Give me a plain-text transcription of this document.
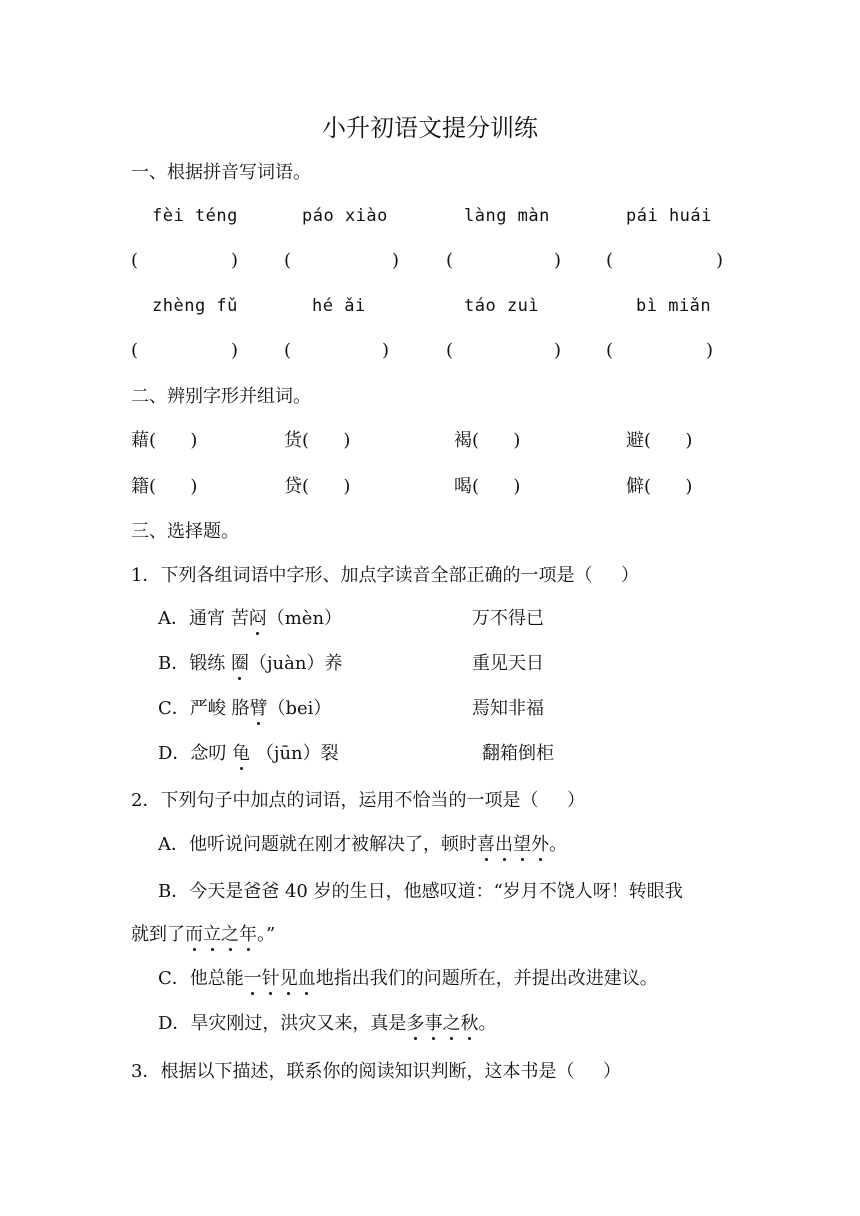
小升初语文提分训练
一、根据拼音写词语。
fèi téng	páo xiào	làng màn	pái huái
(	)	(	)	(	) (	)
zhèng fǔ	hé ǎi	táo zuì	bì miǎn
(	)	(	)	(	) (	)
二、辨别字形并组词。
藉(      )	货(      )	褐(      )	避(      )
籍(      )	贷(      )	喝(      )	僻(      )
三、选择题。
1．下列各组词语中字形、加点字读音全部正确的一项是（     ）
A．通宵 苦闷（mèn）	万不得已
B．锻练 圈（juàn）养	重见天日
C．严峻 胳臂（bei）	焉知非福
D．念叨 龟 （jūn）裂	翻箱倒柜
2．下列句子中加点的词语，运用不恰当的一项是（     ）
A．他听说问题就在刚才被解决了，顿时喜出望外。
B．今天是爸爸 40 岁的生日，他感叹道：“岁月不饶人呀！转眼我
就到了而立之年。”
C．他总能一针见血地指出我们的问题所在，并提出改进建议。
D．旱灾刚过，洪灾又来，真是多事之秋。
3．根据以下描述，联系你的阅读知识判断，这本书是（     ）
